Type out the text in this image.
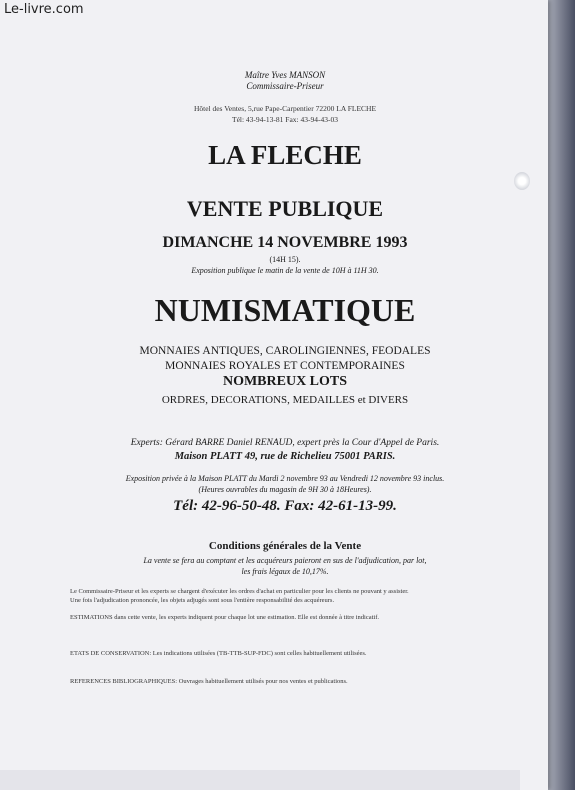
Le-livre.com
Maître Yves MANSON
Commissaire-Priseur
Hôtel des Ventes, 5,rue Pape-Carpentier 72200 LA FLECHE
Tél: 43-94-13-81 Fax: 43-94-43-03
LA FLECHE
VENTE PUBLIQUE
DIMANCHE 14 NOVEMBRE 1993
(14H 15).
Exposition publique le matin de la vente de 10H à 11H 30.
NUMISMATIQUE
MONNAIES ANTIQUES, CAROLINGIENNES, FEODALES
MONNAIES ROYALES ET CONTEMPORAINES
NOMBREUX LOTS
ORDRES, DECORATIONS, MEDAILLES et DIVERS
Experts: Gérard BARRE Daniel RENAUD, expert près la Cour d'Appel de Paris.
Maison PLATT 49, rue de Richelieu 75001 PARIS.
Exposition privée à la Maison PLATT du Mardi 2 novembre 93 au Vendredi 12 novembre 93 inclus.
(Heures ouvrables du magasin de 9H 30 à 18Heures).
Tél: 42-96-50-48. Fax: 42-61-13-99.
Conditions générales de la Vente
La vente se fera au comptant et les acquéreurs paieront en sus de l'adjudication, par lot,
les frais légaux de 10,17%.
Le Commissaire-Priseur et les experts se chargent d'exécuter les ordres d'achat en particulier pour les clients ne pouvant y assister.
Une fois l'adjudication prononcée, les objets adjugés sont sous l'entière responsabilité des acquéreurs.
ESTIMATIONS dans cette vente, les experts indiquent pour chaque lot une estimation. Elle est donnée à titre indicatif.
ETATS DE CONSERVATION: Les indications utilisées (TB-TTB-SUP-FDC) sont celles habituellement utilisées.
REFERENCES BIBLIOGRAPHIQUES: Ouvrages habituellement utilisés pour nos ventes et publications.
